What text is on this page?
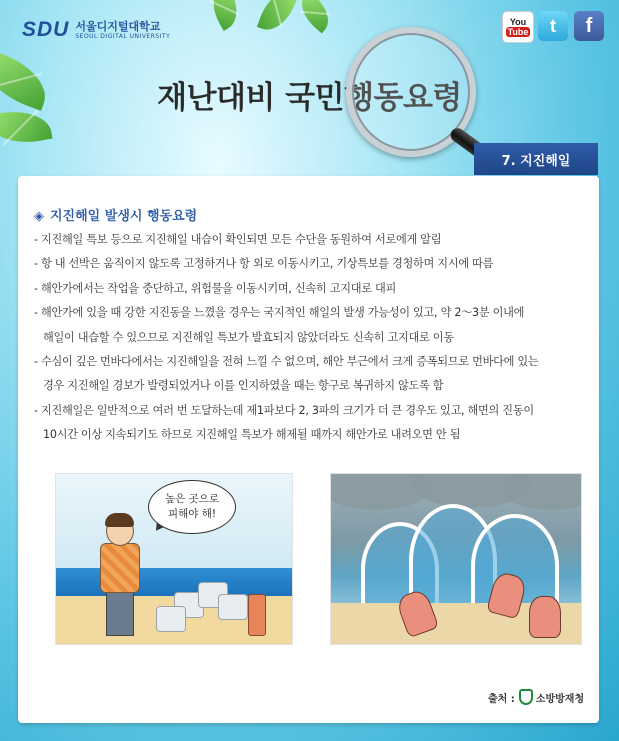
SDU 서울디지털대학교
SEOUL DIGITAL UNIVERSITY
You
Tube t f
재난대비 국민행동요령
7. 지진해일
◈ 지진해일 발생시 행동요령
- 지진해일 특보 등으로 지진해일 내습이 확인되면 모든 수단을 동원하여 서로에게 알림
- 항 내 선박은 움직이지 않도록 고정하거나 항 외로 이동시키고, 기상특보를 경청하며 지시에 따름
- 해안가에서는 작업을 중단하고, 위험물을 이동시키며, 신속히 고지대로 대피
- 해안가에 있을 때 강한 지진동을 느꼈을 경우는 국지적인 해일의 발생 가능성이 있고, 약 2～3분 이내에
해일이 내습할 수 있으므로 지진해일 특보가 발효되지 않았더라도 신속히 고지대로 이동
- 수심이 깊은 먼바다에서는 지진해일을 전혀 느낄 수 없으며, 해안 부근에서 크게 증폭되므로 먼바다에 있는
경우 지진해일 경보가 발령되었거나 이를 인지하였을 때는 항구로 복귀하지 않도록 함
- 지진해일은 일반적으로 여러 번 도달하는데 제1파보다 2, 3파의 크기가 더 큰 경우도 있고, 해면의 진동이
10시간 이상 지속되기도 하므로 지진해일 특보가 해제될 때까지 해안가로 내려오면 안 됨
높은 곳으로
피해야 해!
출처 : 소방방재청
